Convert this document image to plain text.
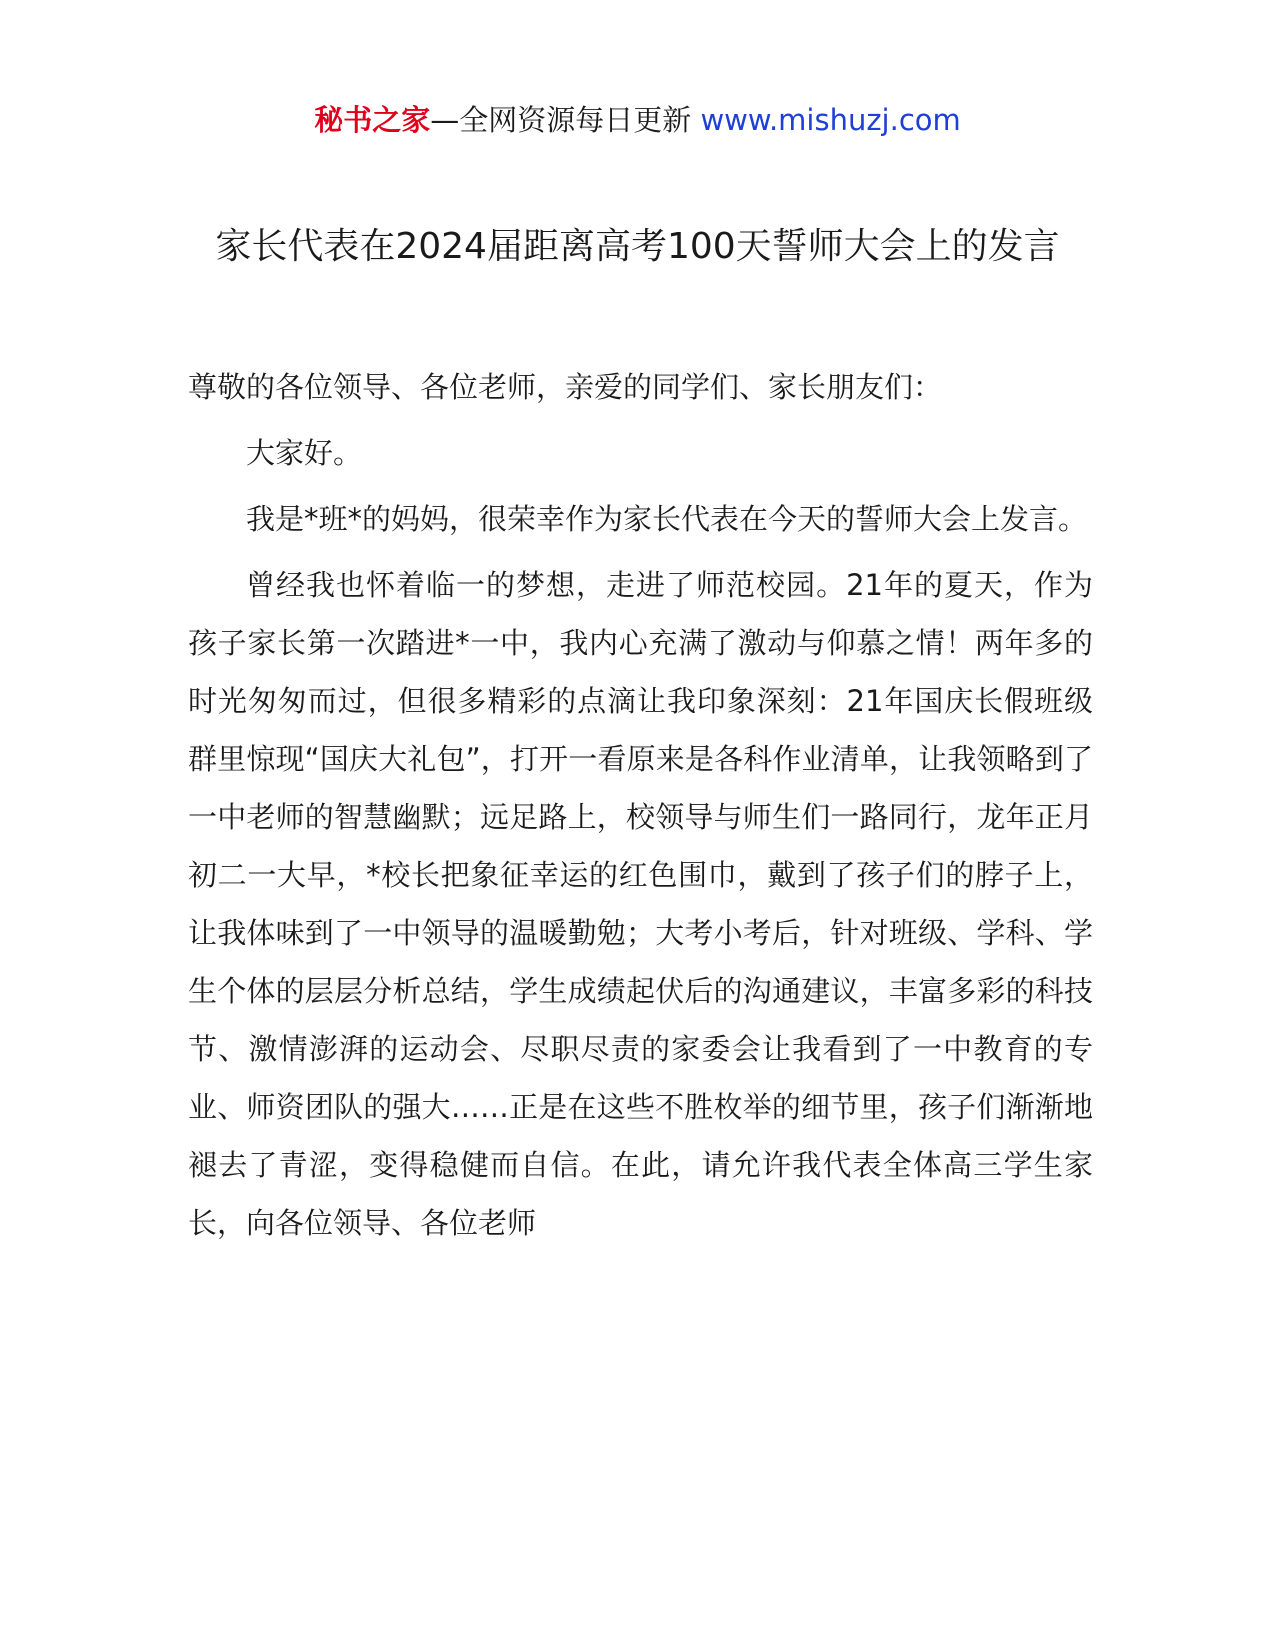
秘书之家—全网资源每日更新 www.mishuzj.com
家长代表在2024届距离高考100天誓师大会上的发言

尊敬的各位领导、各位老师，亲爱的同学们、家长朋友们：

大家好。

我是*班*的妈妈，很荣幸作为家长代表在今天的誓师大会上发言。

曾经我也怀着临一的梦想，走进了师范校园。21年的夏天，作为孩子家长第一次踏进*一中，我内心充满了激动与仰慕之情！两年多的时光匆匆而过，但很多精彩的点滴让我印象深刻：21年国庆长假班级群里惊现“国庆大礼包”，打开一看原来是各科作业清单，让我领略到了一中老师的智慧幽默；远足路上，校领导与师生们一路同行，龙年正月初二一大早，*校长把象征幸运的红色围巾，戴到了孩子们的脖子上，让我体味到了一中领导的温暖勤勉；大考小考后，针对班级、学科、学生个体的层层分析总结，学生成绩起伏后的沟通建议，丰富多彩的科技节、激情澎湃的运动会、尽职尽责的家委会让我看到了一中教育的专业、师资团队的强大……正是在这些不胜枚举的细节里，孩子们渐渐地褪去了青涩，变得稳健而自信。在此，请允许我代表全体高三学生家长，向各位领导、各位老师
